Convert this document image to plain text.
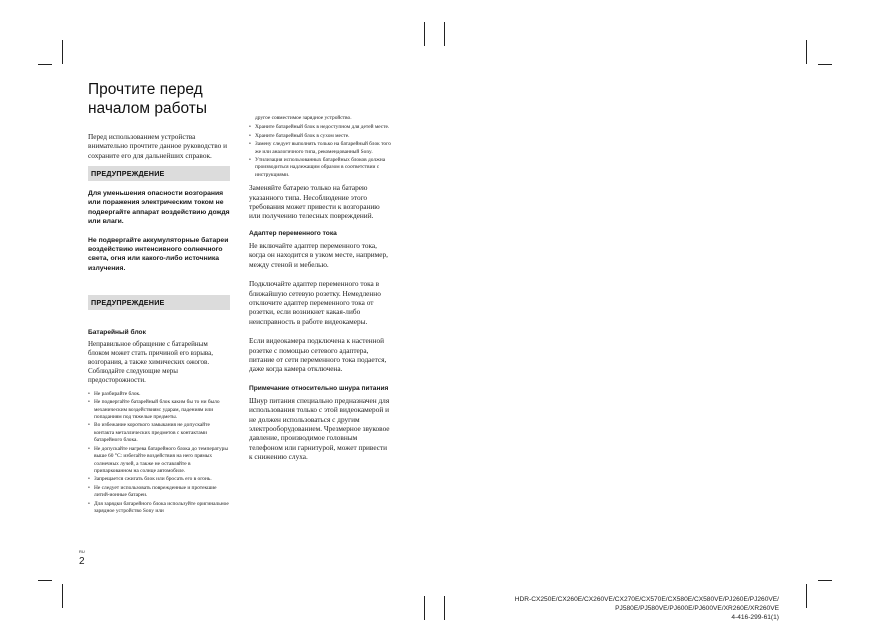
Прочтите перед
началом работы

Перед использованием устройства внимательно прочтите данное руководство и сохраните его для дальнейших справок.

ПРЕДУПРЕЖДЕНИЕ

Для уменьшения опасности возгорания или поражения электрическим током не подвергайте аппарат воздействию дождя или влаги.

Не подвергайте аккумуляторные батареи воздействию интенсивного солнечного света, огня или какого-либо источника излучения.

ПРЕДУПРЕЖДЕНИЕ
Батарейный блок

Неправильное обращение с батарейным блоком может стать причиной его взрыва, возгорания, а также химических ожогов. Соблюдайте следующие меры предосторожности.

• Не разбирайте блок.
• Не подвергайте батарейный блок каким бы то ни было механическим воздействиям: ударам, падениям или попаданиям под тяжелые предметы.
• Во избежание короткого замыкания не допускайте контакта металлических предметов с контактами батарейного блока.
• Не допускайте нагрева батарейного блока до температуры выше 60 °C: избегайте воздействия на него прямых солнечных лучей, а также не оставляйте в припаркованном на солнце автомобиле.
• Запрещается сжигать блок или бросать его в огонь.
• Не следует использовать поврежденные и протекшие литий-ионные батареи.
• Для зарядки батарейного блока используйте оригинальное зарядное устройство Sony или

другое совместимое зарядное устройство.

• Храните батарейный блок в недоступном для детей месте.
• Храните батарейный блок в сухом месте.
• Замену следует выполнять только на батарейный блок того же или аналогичного типа, рекомендованный Sony.
• Утилизация использованных батарейных блоков должна производиться надлежащим образом в соответствии с инструкциями.

Заменяйте батарею только на батарею указанного типа. Несоблюдение этого требования может привести к возгоранию или получению телесных повреждений.

Адаптер переменного тока

Не включайте адаптер переменного тока, когда он находится в узком месте, например, между стеной и мебелью.

Подключайте адаптер переменного тока в ближайшую сетевую розетку. Немедленно отключите адаптер переменного тока от розетки, если возникнет какая-либо неисправность в работе видеокамеры.

Если видеокамера подключена к настенной розетке с помощью сетевого адаптера, питание от сети переменного тока подается, даже когда камера отключена.

Примечание относительно шнура питания

Шнур питания специально предназначен для использования только с этой видеокамерой и не должен использоваться с другим электрооборудованием. Чрезмерное звуковое давление, производимое головным телефоном или гарнитурой, может привести к снижению слуха.

RU
2
HDR-CX250E/CX260E/CX260VE/CX270E/CX570E/CX580E/CX580VE/PJ260E/PJ260VE/
PJ580E/PJ580VE/PJ600E/PJ600VE/XR260E/XR260VE
4-416-299-61(1)
